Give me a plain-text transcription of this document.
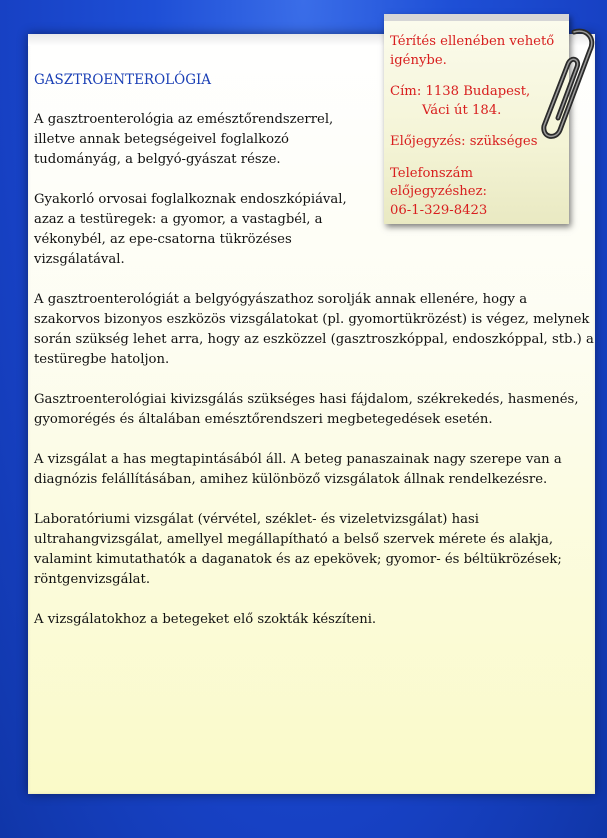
GASZTROENTEROLÓGIA

A gasztroenterológia az emésztőrendszerrel, illetve annak betegségeivel foglalkozó tudományág, a belgyó-gyászat része.

Gyakorló orvosai foglalkoznak endoszkópiával, azaz a testüregek: a gyomor, a vastagbél, a vékonybél, az epe-csatorna tükrözéses vizsgálatával.

A gasztroenterológiát a belgyógyászathoz sorolják annak ellenére, hogy a szakorvos bizonyos eszközös vizsgálatokat (pl. gyomortükrözést) is végez, melynek során szükség lehet arra, hogy az eszközzel (gasztroszkóppal, endoszkóppal, stb.) a testüregbe hatoljon.

Gasztroenterológiai kivizsgálás szükséges hasi fájdalom, székrekedés, hasmenés, gyomorégés és általában emésztőrendszeri megbetegedések esetén.

A vizsgálat a has megtapintásából áll. A beteg panaszainak nagy szerepe van a diagnózis felállításában, amihez különböző vizsgálatok állnak rendelkezésre.

Laboratóriumi vizsgálat (vérvétel, széklet- és vizeletvizsgálat) hasi ultrahangvizsgálat, amellyel megállapítható a belső szervek mérete és alakja, valamint kimutathatók a daganatok és az epekövek; gyomor- és béltükrözések; röntgenvizsgálat.

A vizsgálatokhoz a betegeket elő szokták készíteni.

Térítés ellenében vehető igénybe.

Cím: 1138 Budapest,
Váci út 184.

Előjegyzés: szükséges

Telefonszám előjegyzéshez:
06-1-329-8423
